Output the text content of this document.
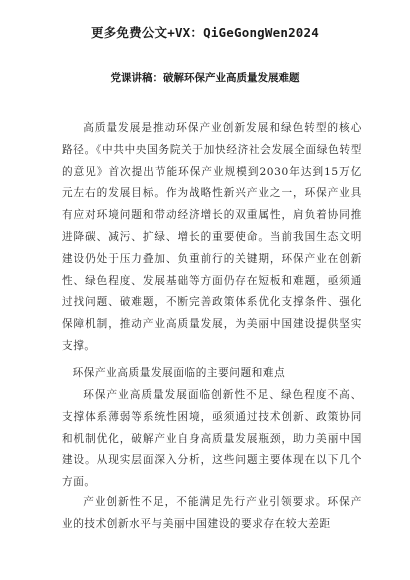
更多免费公文+VX：QiGeGongWen2024
党课讲稿：破解环保产业高质量发展难题

高质量发展是推动环保产业创新发展和绿色转型的核心路径。《中共中央国务院关于加快经济社会发展全面绿色转型的意见》首次提出节能环保产业规模到2030年达到15万亿元左右的发展目标。作为战略性新兴产业之一，环保产业具有应对环境问题和带动经济增长的双重属性，肩负着协同推进降碳、减污、扩绿、增长的重要使命。当前我国生态文明建设仍处于压力叠加、负重前行的关键期，环保产业在创新性、绿色程度、发展基础等方面仍存在短板和难题，亟须通过找问题、破难题，不断完善政策体系优化支撑条件、强化保障机制，推动产业高质量发展，为美丽中国建设提供坚实支撑。

环保产业高质量发展面临的主要问题和难点

环保产业高质量发展面临创新性不足、绿色程度不高、支撑体系薄弱等系统性困境，亟须通过技术创新、政策协同和机制优化，破解产业自身高质量发展瓶颈，助力美丽中国建设。从现实层面深入分析，这些问题主要体现在以下几个方面。

产业创新性不足，不能满足先行产业引领要求。环保产业的技术创新水平与美丽中国建设的要求存在较大差距
